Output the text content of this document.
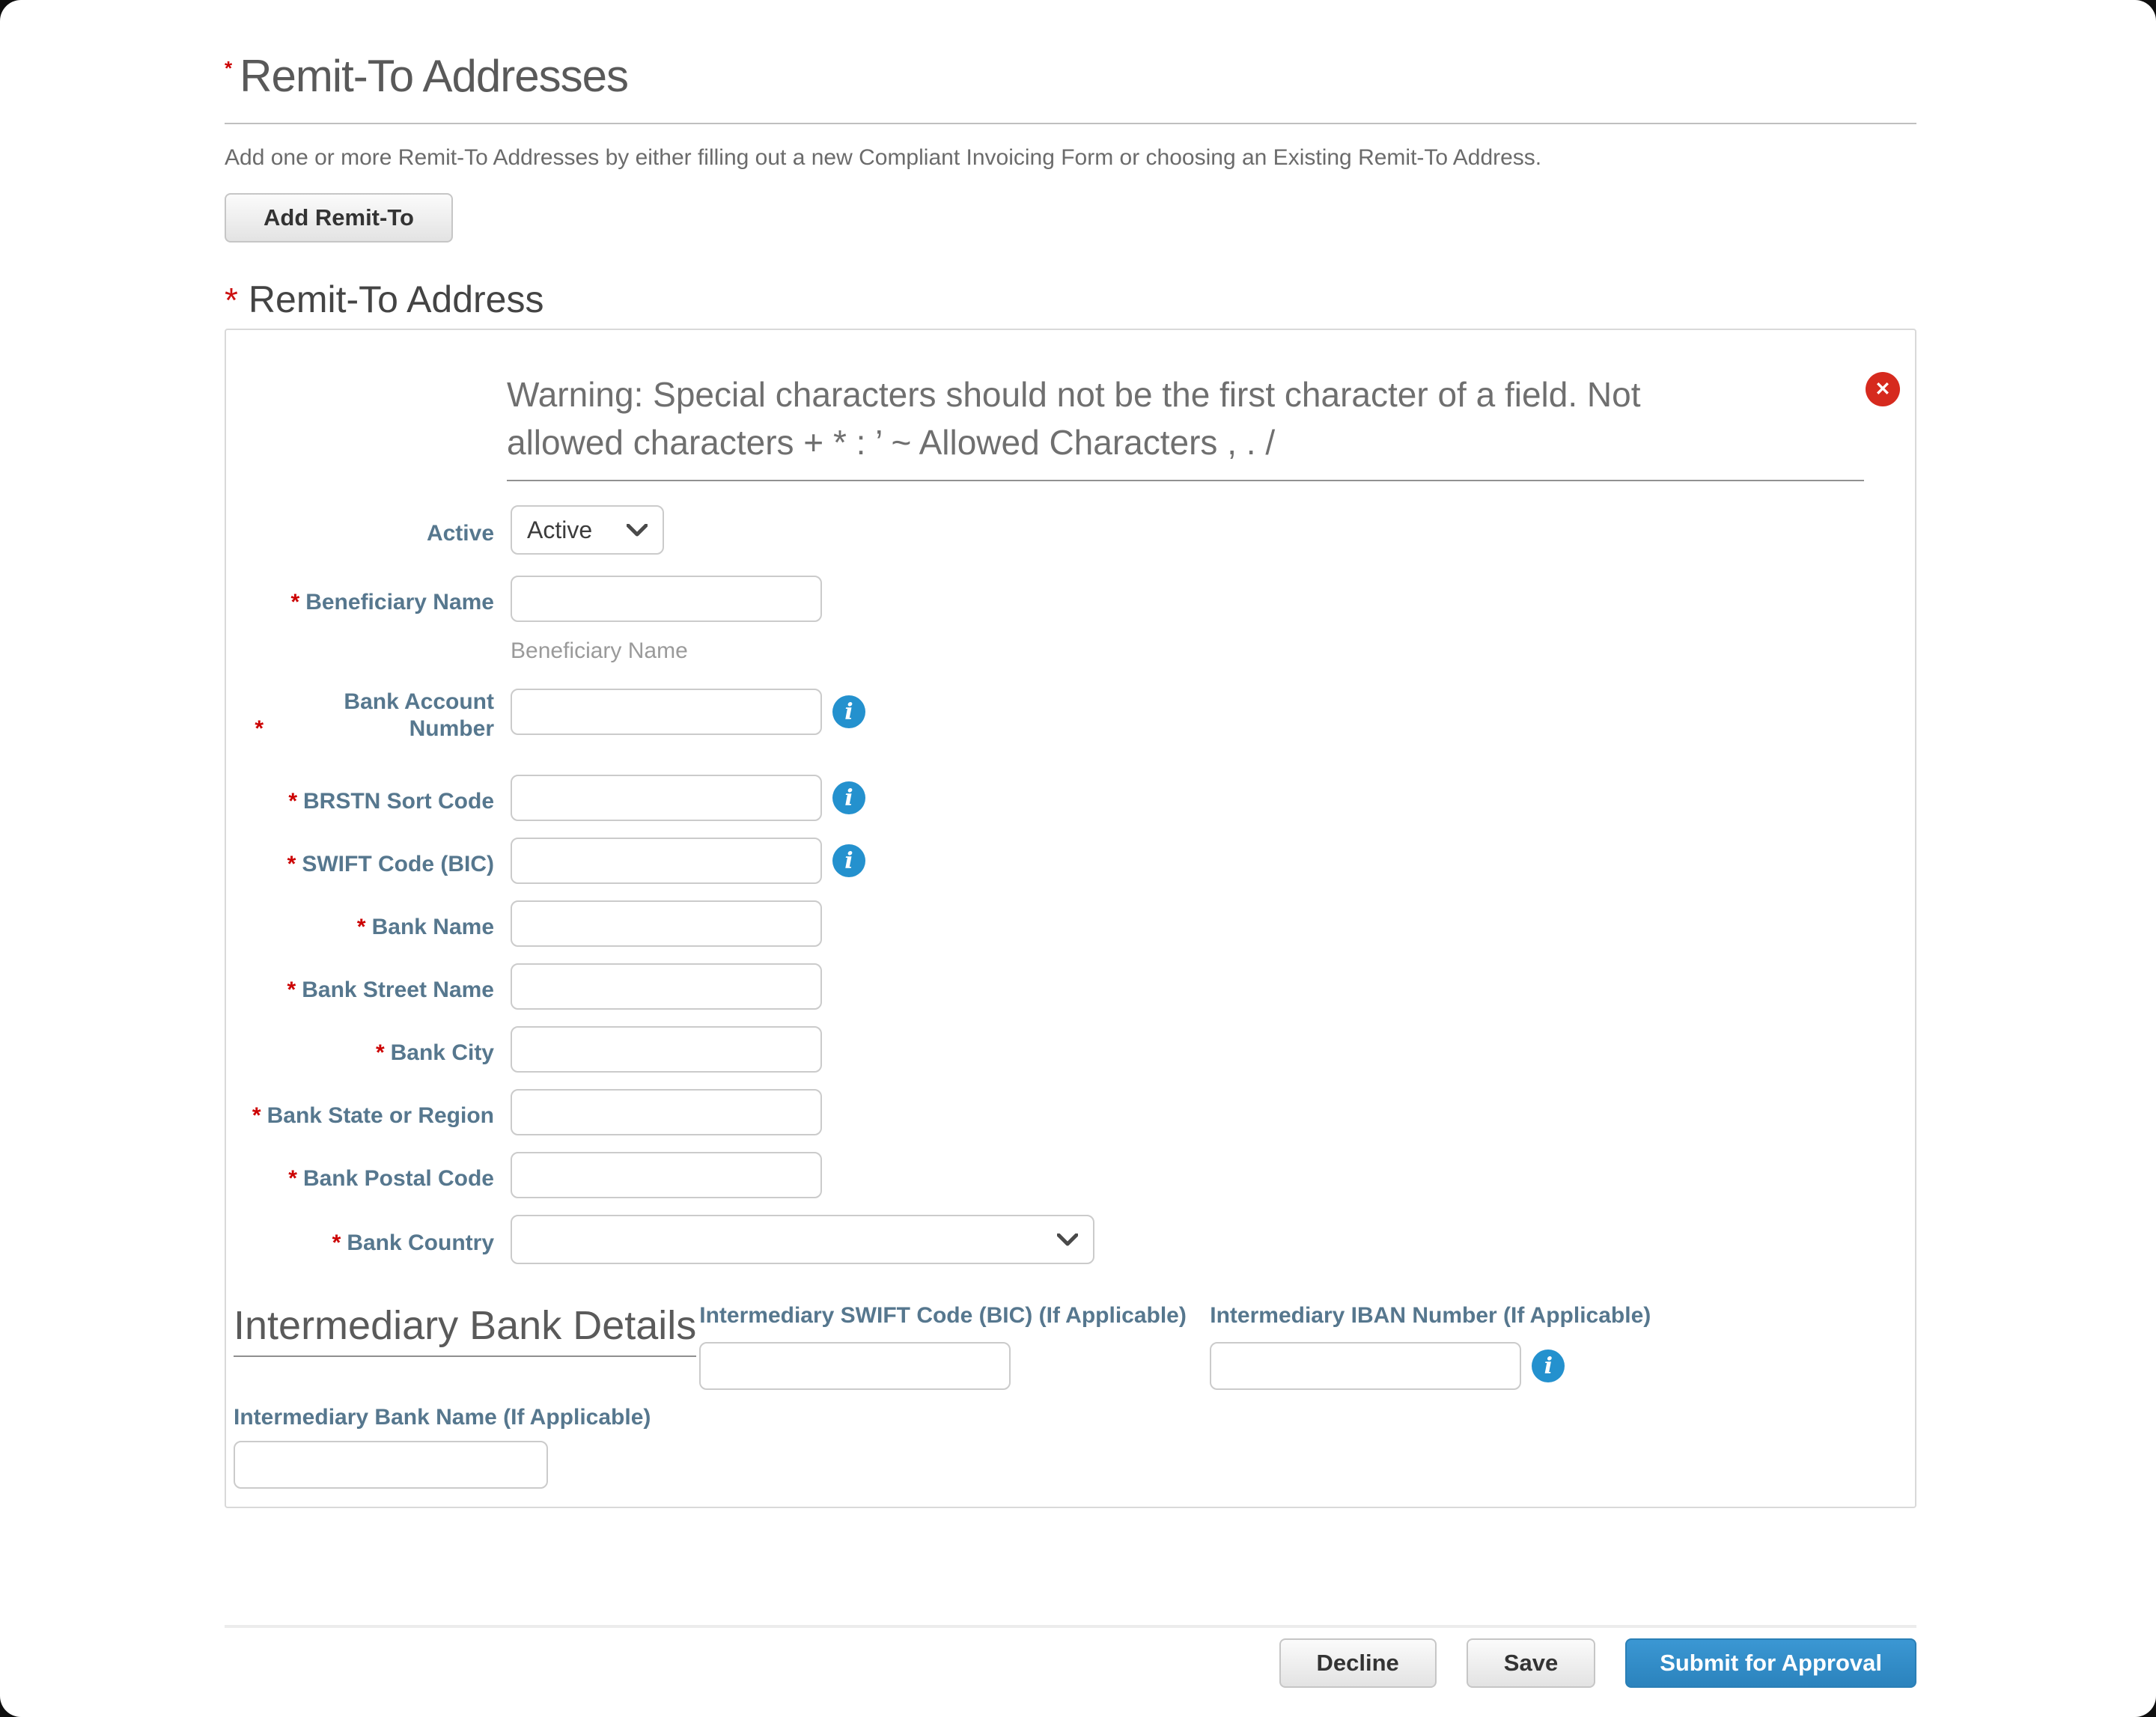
* Remit-To Addresses

Add one or more Remit-To Addresses by either filling out a new Compliant Invoicing Form or choosing an Existing Remit-To Address.

Add Remit-To
* Remit-To Address
✕
Warning: Special characters should not be the first character of a field. Not
allowed characters + * : ’ ~ Allowed Characters , . /
Active Active
* Beneficiary Name
Beneficiary Name
*Bank Account Number
i
* BRSTN Sort Code	i
* SWIFT Code (BIC)	i
* Bank Name
* Bank Street Name
* Bank City
* Bank State or Region
* Bank Postal Code
* Bank Country
Intermediary Bank Details Intermediary SWIFT Code (BIC) (If Applicable)	Intermediary IBAN Number (If Applicable)
i
Intermediary Bank Name (If Applicable)
Decline	Save	Submit for Approval
